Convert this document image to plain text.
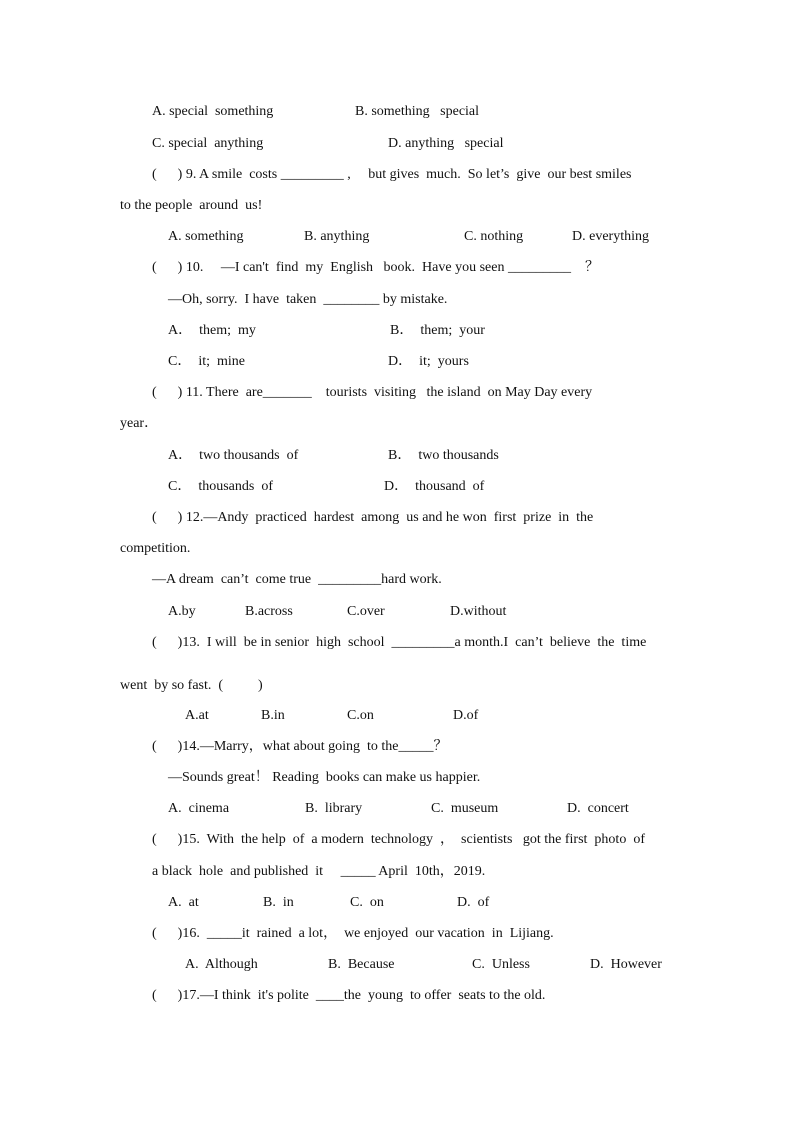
A. special  something	B. something   special
C. special  anything	D. anything   special
(      ) 9. A smile  costs _________ ,     but gives  much.  So let’s  give  our best smiles
to the people  around  us!
A. something	B. anything	C. nothing	D. everything
(      ) 10.     —I can't  find  my  English   book.  Have you seen _________    ？
—Oh, sorry.  I have  taken  ________ by mistake.
A．  them;  my	B．  them;  your
C．  it;  mine	D．  it;  yours
(      ) 11. There  are_______    tourists  visiting   the island  on May Day every
year．
A．  two thousands  of	B．  two thousands
C．  thousands  of	D．  thousand  of
(      ) 12.—Andy  practiced  hardest  among  us and he won  first  prize  in  the
competition.
—A dream  can’t  come true  _________hard work.
A.by	B.across	C.over	D.without
(      )13.  I will  be in senior  high  school  _________a month.I  can’t  believe  the  time
went  by so fast.  (          )
A.at	B.in	C.on	D.of
(      )14.—Marry，what about going  to the_____？
—Sounds great！ Reading  books can make us happier.
A.  cinema	B.  library	C.  museum	D.  concert
(      )15.  With  the help  of  a modern  technology  ，  scientists   got the first  photo  of
a black  hole  and published  it     _____ April  10th，2019.
A.  at	B.  in	C.  on	D.  of
(      )16.  _____it  rained  a lot，  we enjoyed  our vacation  in  Lijiang.
A.  Although	B.  Because	C.  Unless	D.  However
(      )17.—I think  it's polite  ____the  young  to offer  seats to the old.
